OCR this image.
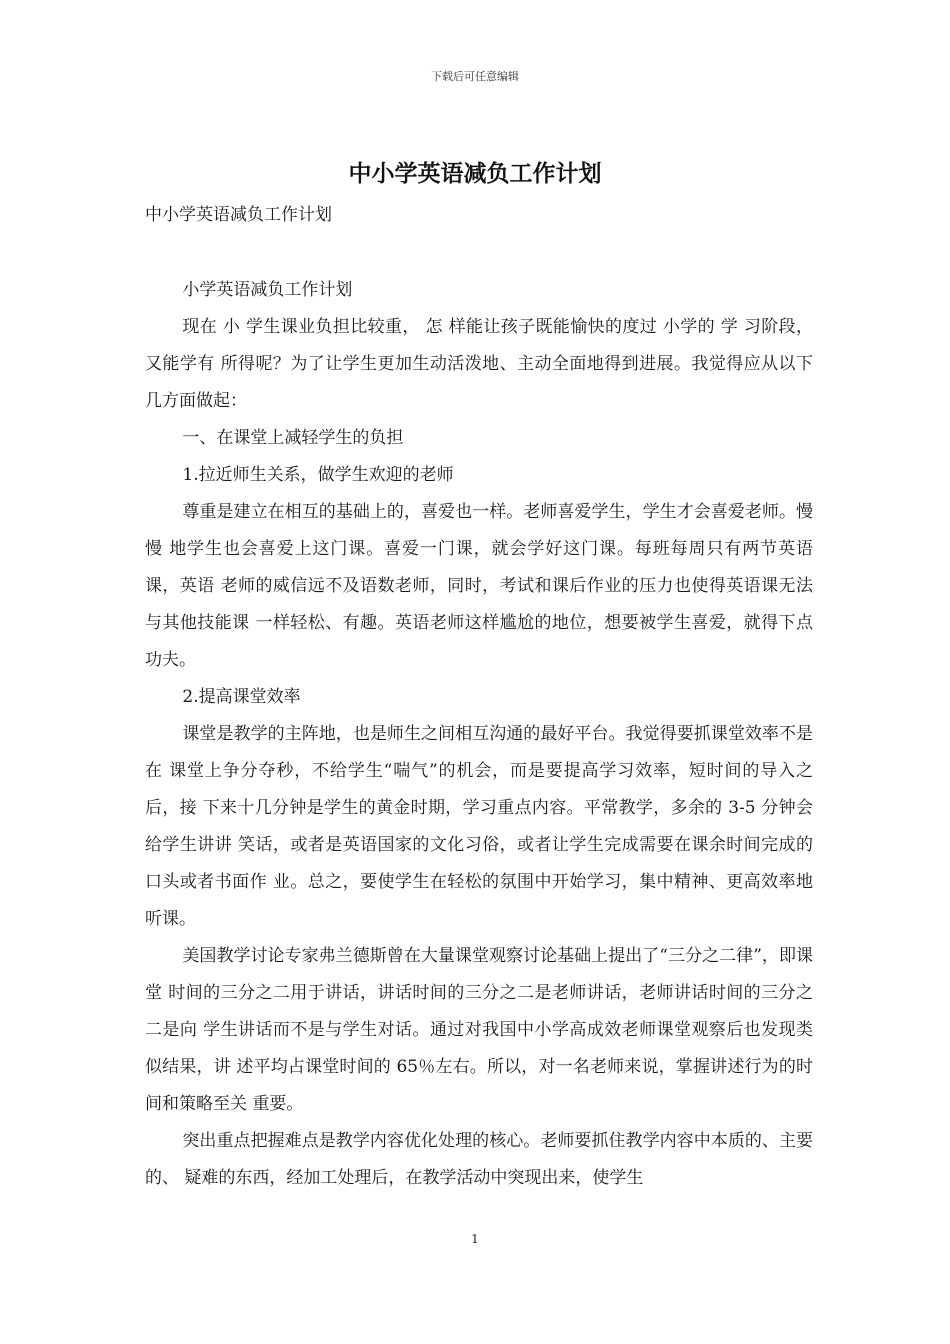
下载后可任意编辑
中小学英语减负工作计划

中小学英语减负工作计划

小学英语减负工作计划

现在 小 学生课业负担比较重， 怎 样能让孩子既能愉快的度过 小学的 学 习阶段，又能学有 所得呢？为了让学生更加生动活泼地、主动全面地得到进展。我觉得应从以下几方面做起：

一、在课堂上减轻学生的负担

1.拉近师生关系，做学生欢迎的老师

尊重是建立在相互的基础上的，喜爱也一样。老师喜爱学生，学生才会喜爱老师。慢慢 地学生也会喜爱上这门课。喜爱一门课，就会学好这门课。每班每周只有两节英语课，英语 老师的威信远不及语数老师，同时，考试和课后作业的压力也使得英语课无法与其他技能课 一样轻松、有趣。英语老师这样尴尬的地位，想要被学生喜爱，就得下点功夫。

2.提高课堂效率

课堂是教学的主阵地，也是师生之间相互沟通的最好平台。我觉得要抓课堂效率不是在 课堂上争分夺秒，不给学生“喘气”的机会，而是要提高学习效率，短时间的导入之后，接 下来十几分钟是学生的黄金时期，学习重点内容。平常教学，多余的 3-5 分钟会给学生讲讲 笑话，或者是英语国家的文化习俗，或者让学生完成需要在课余时间完成的口头或者书面作 业。总之，要使学生在轻松的氛围中开始学习，集中精神、更高效率地听课。

美国教学讨论专家弗兰德斯曾在大量课堂观察讨论基础上提出了“三分之二律”，即课堂 时间的三分之二用于讲话，讲话时间的三分之二是老师讲话，老师讲话时间的三分之二是向 学生讲话而不是与学生对话。通过对我国中小学高成效老师课堂观察后也发现类似结果，讲 述平均占课堂时间的 65％左右。所以，对一名老师来说，掌握讲述行为的时间和策略至关 重要。

突出重点把握难点是教学内容优化处理的核心。老师要抓住教学内容中本质的、主要的、 疑难的东西，经加工处理后，在教学活动中突现出来，使学生

1
